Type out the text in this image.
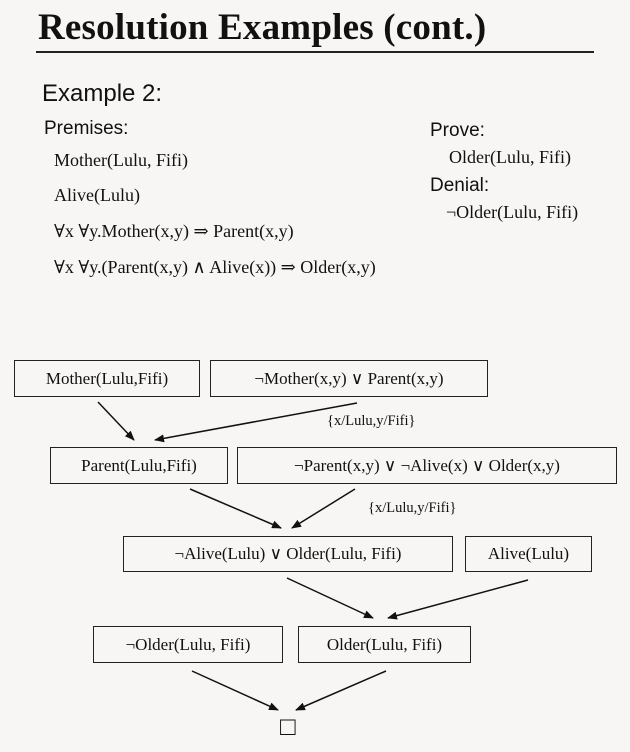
Resolution Examples (cont.)
Example 2:
Premises:
Mother(Lulu, Fifi)
Alive(Lulu)
∀x ∀y.Mother(x,y) ⇒ Parent(x,y)
∀x ∀y.(Parent(x,y) ∧ Alive(x)) ⇒ Older(x,y)
Prove:
Older(Lulu, Fifi)
Denial:
¬Older(Lulu, Fifi)
Mother(Lulu,Fifi)	¬Mother(x,y) ∨ Parent(x,y)
{x/Lulu,y/Fifi}
Parent(Lulu,Fifi)	¬Parent(x,y) ∨ ¬Alive(x) ∨ Older(x,y)
{x/Lulu,y/Fifi}
¬Alive(Lulu) ∨ Older(Lulu, Fifi)	Alive(Lulu)
¬Older(Lulu, Fifi)	Older(Lulu, Fifi)
□
